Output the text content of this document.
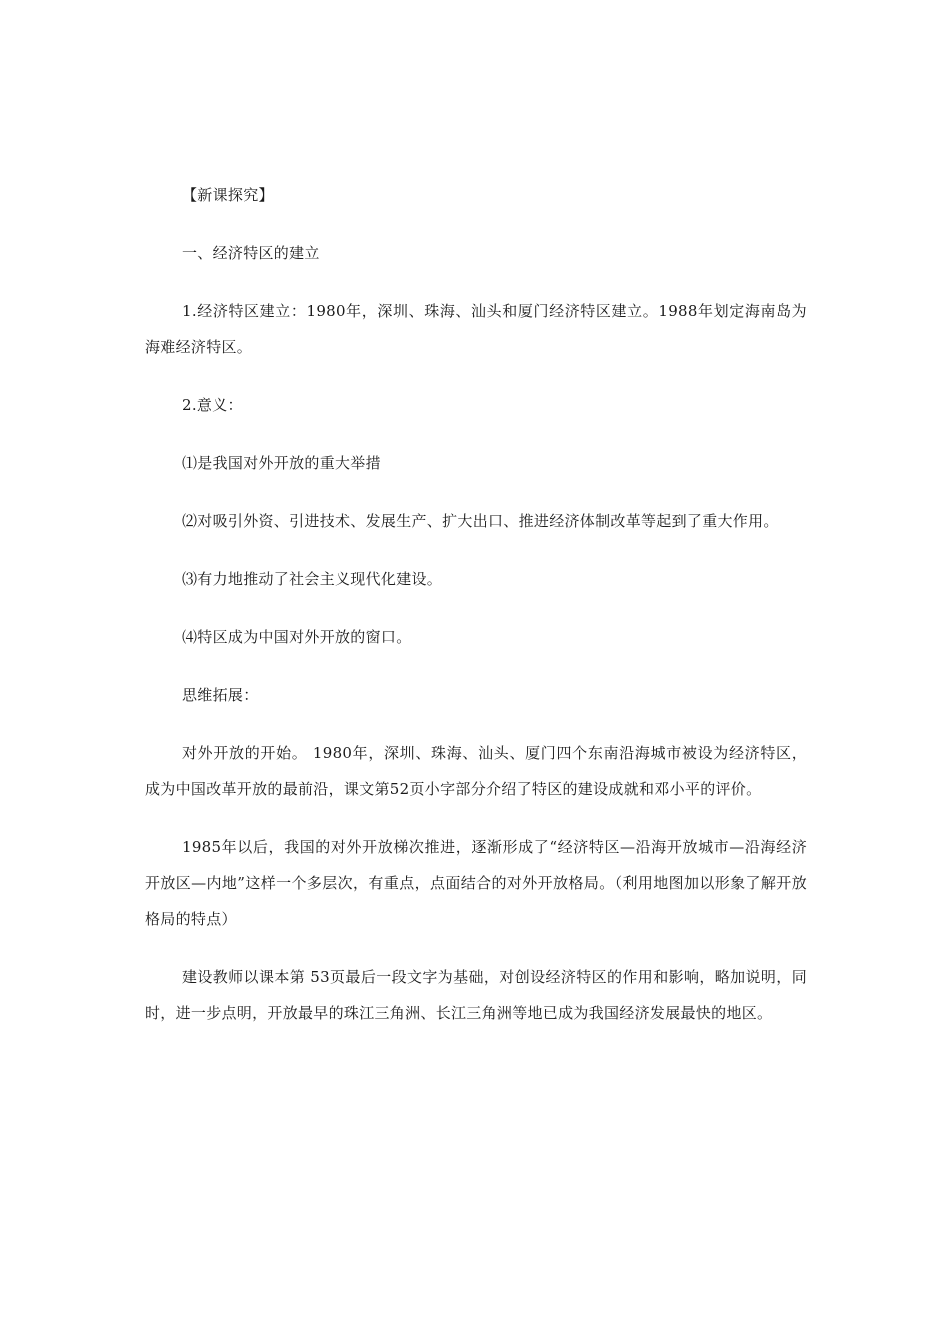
【新课探究】

一、经济特区的建立

1.经济特区建立：1980年，深圳、珠海、汕头和厦门经济特区建立。1988年划定海南岛为海难经济特区。

2.意义：

⑴是我国对外开放的重大举措

⑵对吸引外资、引进技术、发展生产、扩大出口、推进经济体制改革等起到了重大作用。

⑶有力地推动了社会主义现代化建设。

⑷特区成为中国对外开放的窗口。

思维拓展：

对外开放的开始。 1980年，深圳、珠海、汕头、厦门四个东南沿海城市被设为经济特区，成为中国改革开放的最前沿，课文第52页小字部分介绍了特区的建设成就和邓小平的评价。

1985年以后，我国的对外开放梯次推进，逐渐形成了“经济特区—沿海开放城市—沿海经济开放区—内地”这样一个多层次，有重点，点面结合的对外开放格局。（利用地图加以形象了解开放格局的特点）

建设教师以课本第 53页最后一段文字为基础，对创设经济特区的作用和影响，略加说明，同时，进一步点明，开放最早的珠江三角洲、长江三角洲等地已成为我国经济发展最快的地区。
